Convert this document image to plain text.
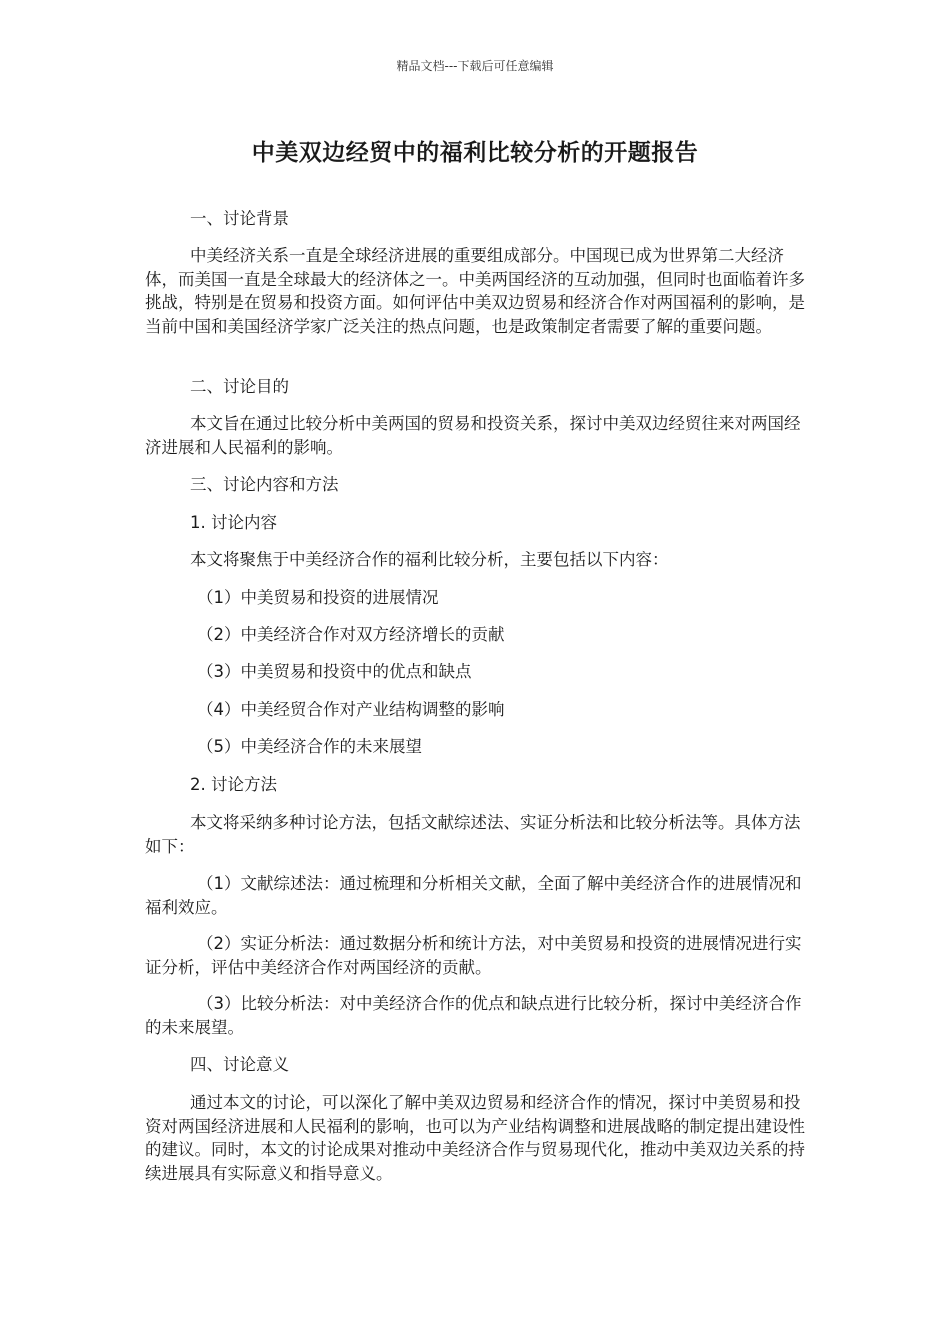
精品文档---下载后可任意编辑
中美双边经贸中的福利比较分析的开题报告

一、讨论背景

中美经济关系一直是全球经济进展的重要组成部分。中国现已成为世界第二大经济体，而美国一直是全球最大的经济体之一。中美两国经济的互动加强，但同时也面临着许多挑战，特别是在贸易和投资方面。如何评估中美双边贸易和经济合作对两国福利的影响，是当前中国和美国经济学家广泛关注的热点问题，也是政策制定者需要了解的重要问题。

二、讨论目的

本文旨在通过比较分析中美两国的贸易和投资关系，探讨中美双边经贸往来对两国经济进展和人民福利的影响。

三、讨论内容和方法

1. 讨论内容

本文将聚焦于中美经济合作的福利比较分析，主要包括以下内容：

（1）中美贸易和投资的进展情况

（2）中美经济合作对双方经济增长的贡献

（3）中美贸易和投资中的优点和缺点

（4）中美经贸合作对产业结构调整的影响

（5）中美经济合作的未来展望

2. 讨论方法

本文将采纳多种讨论方法，包括文献综述法、实证分析法和比较分析法等。具体方法如下：

（1）文献综述法：通过梳理和分析相关文献，全面了解中美经济合作的进展情况和福利效应。

（2）实证分析法：通过数据分析和统计方法，对中美贸易和投资的进展情况进行实证分析，评估中美经济合作对两国经济的贡献。

（3）比较分析法：对中美经济合作的优点和缺点进行比较分析，探讨中美经济合作的未来展望。

四、讨论意义

通过本文的讨论，可以深化了解中美双边贸易和经济合作的情况，探讨中美贸易和投资对两国经济进展和人民福利的影响，也可以为产业结构调整和进展战略的制定提出建设性的建议。同时，本文的讨论成果对推动中美经济合作与贸易现代化，推动中美双边关系的持续进展具有实际意义和指导意义。
